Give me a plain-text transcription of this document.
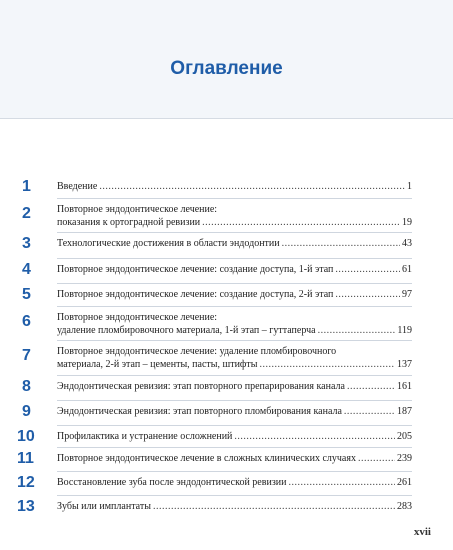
Оглавление
1	Введение .....	1
2	Повторное эндодонтическое лечение:
показания к ортоградной ревизии .....	19
3	Технологические достижения в области эндодонтии .....	43
4	Повторное эндодонтическое лечение: создание доступа, 1-й этап .....	61
5	Повторное эндодонтическое лечение: создание доступа, 2-й этап .....	97
6	Повторное эндодонтическое лечение:
удаление пломбировочного материала, 1-й этап – гуттаперча .....	119
7	Повторное эндодонтическое лечение: удаление пломбировочного
материала, 2-й этап – цементы, пасты, штифты .....	137
8	Эндодонтическая ревизия: этап повторного препарирования канала .....	161
9	Эндодонтическая ревизия: этап повторного пломбирования канала .....	187
10	Профилактика и устранение осложнений .....	205
11	Повторное эндодонтическое лечение в сложных клинических случаях .....	239
12	Восстановление зуба после эндодонтической ревизии .....	261
13	Зубы или имплантаты .....	283
xvii
